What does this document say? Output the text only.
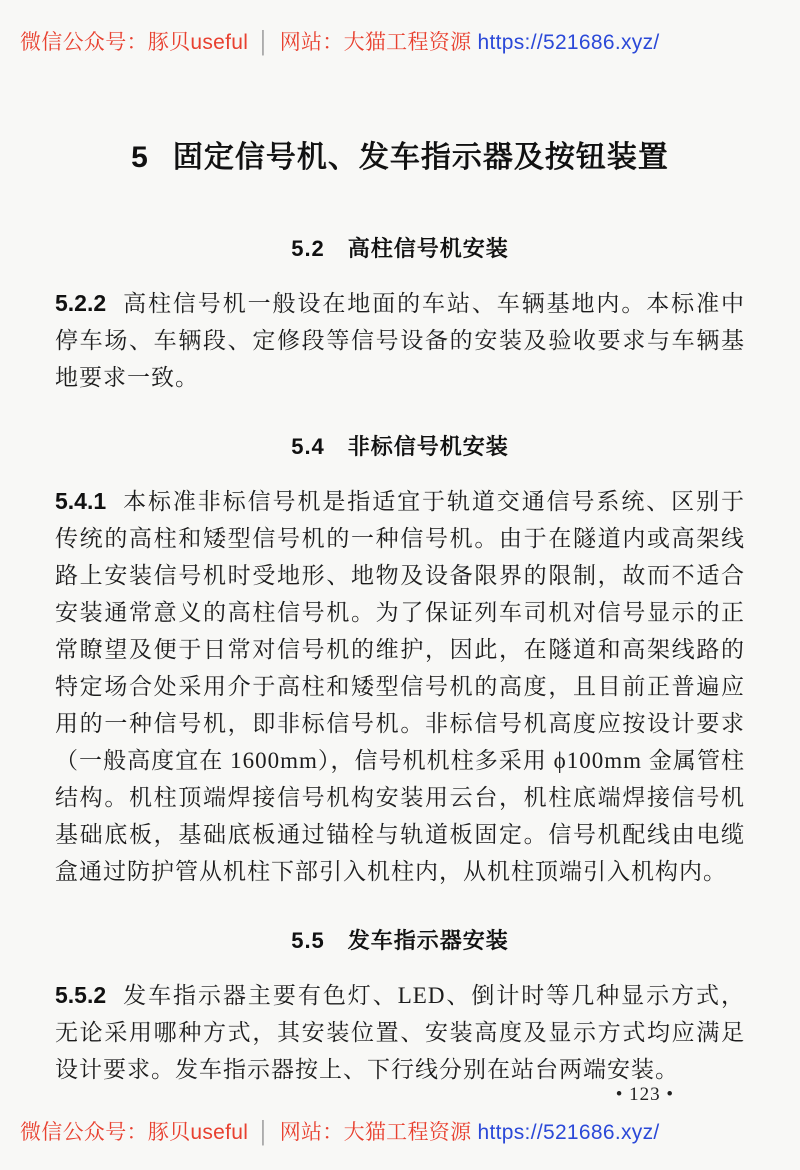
微信公众号：豚贝useful │ 网站：大猫工程资源 https://521686.xyz/
5 固定信号机、发车指示器及按钮装置
5.2　高柱信号机安装

5.2.2 高柱信号机一般设在地面的车站、车辆基地内。本标准中停车场、车辆段、定修段等信号设备的安装及验收要求与车辆基地要求一致。

5.4　非标信号机安装

5.4.1 本标准非标信号机是指适宜于轨道交通信号系统、区别于传统的高柱和矮型信号机的一种信号机。由于在隧道内或高架线路上安装信号机时受地形、地物及设备限界的限制，故而不适合安装通常意义的高柱信号机。为了保证列车司机对信号显示的正常瞭望及便于日常对信号机的维护，因此，在隧道和高架线路的特定场合处采用介于高柱和矮型信号机的高度，且目前正普遍应用的一种信号机，即非标信号机。非标信号机高度应按设计要求（一般高度宜在 1600mm），信号机机柱多采用 ϕ100mm 金属管柱结构。机柱顶端焊接信号机构安装用云台，机柱底端焊接信号机基础底板，基础底板通过锚栓与轨道板固定。信号机配线由电缆盒通过防护管从机柱下部引入机柱内，从机柱顶端引入机构内。

5.5　发车指示器安装

5.5.2 发车指示器主要有色灯、LED、倒计时等几种显示方式，无论采用哪种方式，其安装位置、安装高度及显示方式均应满足设计要求。发车指示器按上、下行线分别在站台两端安装。

• 123 •
微信公众号：豚贝useful │ 网站：大猫工程资源 https://521686.xyz/
